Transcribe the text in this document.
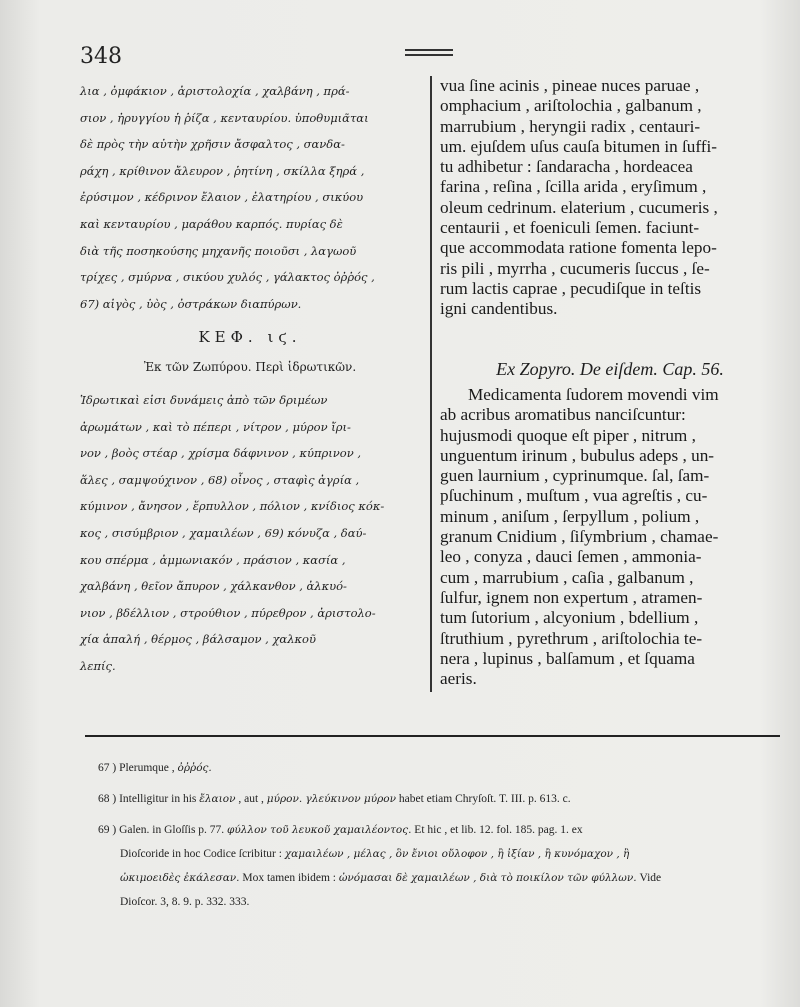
348
λια , ὀμφάκιον , ἀριστολοχία , χαλβάνη , πρά-
σιον , ἠρυγγίου ἡ ῥίζα , κενταυρίου. ὑποθυμιᾶται
δὲ πρὸς τὴν αὐτὴν χρῆσιν ἄσφαλτος , σανδα-
ράχη , κρίθινον ἄλευρον , ῥητίνη , σκίλλα ξηρά ,
ἐρύσιμον , κέδρινον ἔλαιον , ἐλατηρίου , σικύου
καὶ κενταυρίου , μαράθου καρπός. πυρίας δὲ
διὰ τῆς ποσηκούσης μηχανῆς ποιοῦσι , λαγωοῦ
τρίχες , σμύρνα , σικύου χυλός , γάλακτος ὀῤῥός ,
67) αἰγὸς , ὑὸς , ὀστράκων διαπύρων.
ΚΕΦ. ιϛ.
Ἐκ τῶν Ζωπύρου. Περὶ ἱδρωτικῶν.
Ἱδρωτικαὶ εἰσι δυνάμεις ἀπὸ τῶν δριμέων
ἀρωμάτων , καὶ τὸ πέπερι , νίτρον , μύρον ἴρι-
νον , βοὸς στέαρ , χρίσμα δάφνινον , κύπρινον ,
ἅλες , σαμψούχινον , 68) οἶνος , σταφὶς ἀγρία ,
κύμινον , ἄνησον , ἕρπυλλον , πόλιον , κνίδιος κόκ-
κος , σισύμβριον , χαμαιλέων , 69) κόνυζα , δαύ-
κου σπέρμα , ἀμμωνιακόν , πράσιον , κασία ,
χαλβάνη , θεῖον ἄπυρον , χάλκανθον , ἀλκυό-
νιον , βδέλλιον , στρούθιον , πύρεθρον , ἀριστολο-
χία ἁπαλή , θέρμος , βάλσαμον , χαλκοῦ
λεπίς.
vua ſine acinis , pineae nuces paruae ,
omphacium , ariſtolochia , galbanum ,
marrubium , heryngii radix , centauri-
um. ejuſdem uſus cauſa bitumen in ſuffi-
tu adhibetur : ſandaracha , hordeacea
farina , reſina , ſcilla arida , eryſimum ,
oleum cedrinum. elaterium , cucumeris ,
centaurii , et foeniculi ſemen. faciunt-
que accommodata ratione fomenta lepo-
ris pili , myrrha , cucumeris ſuccus , ſe-
rum lactis caprae , pecudiſque in teſtis
igni candentibus.
Ex Zopyro. De eiſdem. Cap. 56.
Medicamenta ſudorem movendi vim
ab acribus aromatibus nanciſcuntur:
hujusmodi quoque eſt piper , nitrum ,
unguentum irinum , bubulus adeps , un-
guen laurnium , cyprinumque. ſal, ſam-
pſuchinum , muſtum , vua agreſtis , cu-
minum , aniſum , ſerpyllum , polium ,
granum Cnidium , ſiſymbrium , chamae-
leo , conyza , dauci ſemen , ammonia-
cum , marrubium , caſia , galbanum ,
ſulfur, ignem non expertum , atramen-
tum ſutorium , alcyonium , bdellium ,
ſtruthium , pyrethrum , ariſtolochia te-
nera , lupinus , balſamum , et ſquama
aeris.
67 ) Plerumque , ὀῤῥός.
68 ) Intelligitur in his ἔλαιον , aut , μύρον. γλεύκινον μύρον habet etiam Chryſoſt. T. III. p. 613. c.
69 ) Galen. in Gloſſis p. 77. φύλλον τοῦ λευκοῦ χαμαιλέοντος. Et hic , et lib. 12. fol. 185. pag. 1. ex
Dioſcoride in hoc Codice ſcribitur : χαμαιλέων , μέλας , ὃν ἔνιοι οὔλοφον , ἢ ἰξίαν , ἢ κυνόμαχον , ἢ
ὠκιμοειδὲς ἐκάλεσαν. Mox tamen ibidem : ὠνόμασαι δὲ χαμαιλέων , διὰ τὸ ποικίλον τῶν φύλλων. Vide
Dioſcor. 3, 8. 9. p. 332. 333.
